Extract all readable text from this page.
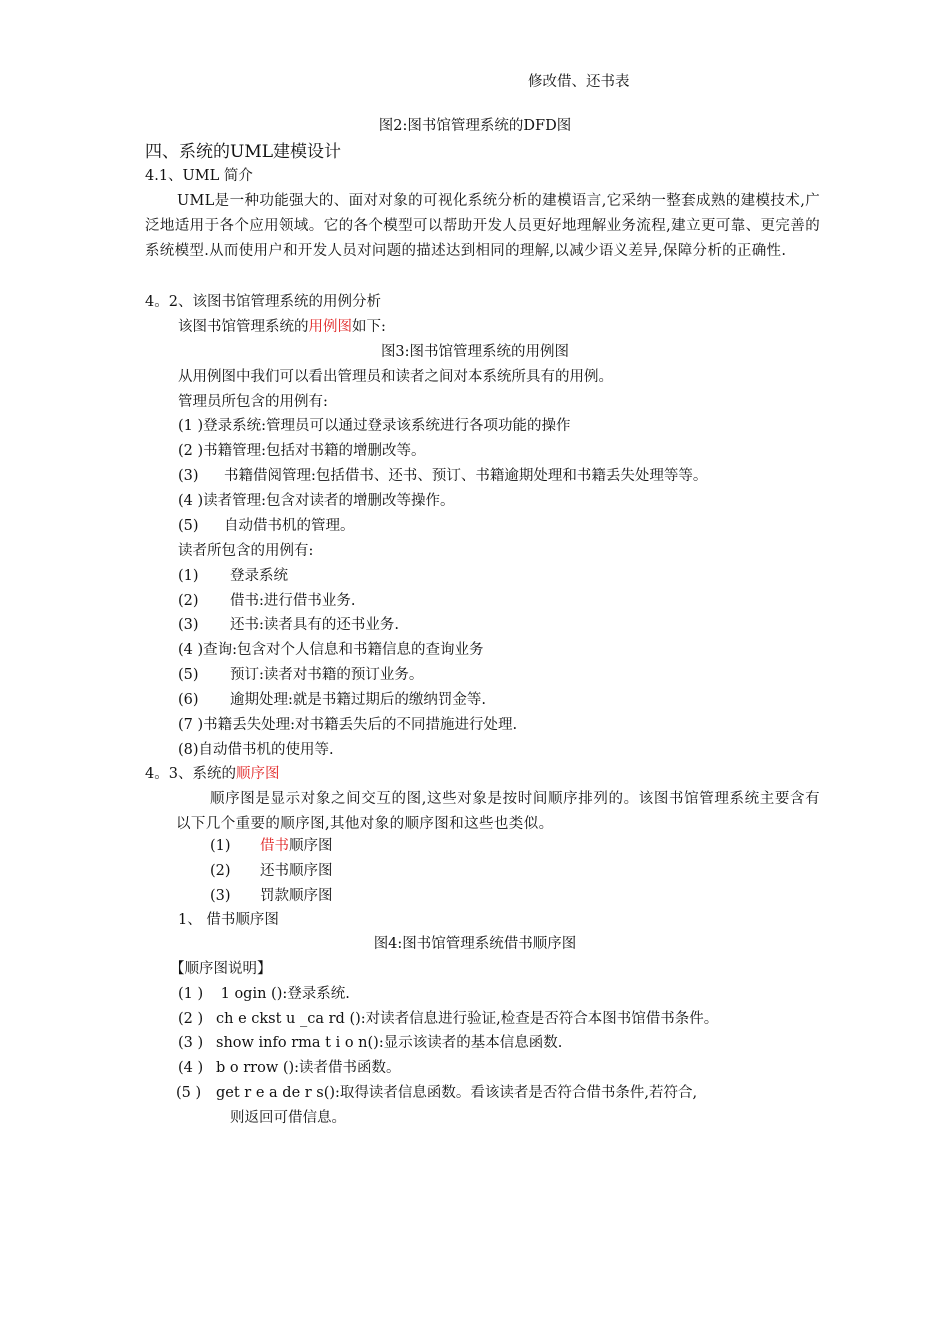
修改借、还书表
图2:图书馆管理系统的DFD图
四、系统的UML建模设计
4.1、UML 简介
UML是一种功能强大的、面对对象的可视化系统分析的建模语言,它采纳一整套成熟的建模技术,广泛地适用于各个应用领域。它的各个模型可以帮助开发人员更好地理解业务流程,建立更可靠、更完善的系统模型.从而使用户和开发人员对问题的描述达到相同的理解,以减少语义差异,保障分析的正确性.
4。2、该图书馆管理系统的用例分析
该图书馆管理系统的用例图如下:
图3:图书馆管理系统的用例图
从用例图中我们可以看出管理员和读者之间对本系统所具有的用例。
管理员所包含的用例有:
(1 )登录系统:管理员可以通过登录该系统进行各项功能的操作
(2 )书籍管理:包括对书籍的增删改等。
(3) 书籍借阅管理:包括借书、还书、预订、书籍逾期处理和书籍丢失处理等等。
(4 )读者管理:包含对读者的增删改等操作。
(5) 自动借书机的管理。
读者所包含的用例有:
(1) 登录系统
(2) 借书:进行借书业务.
(3) 还书:读者具有的还书业务.
(4 )查询:包含对个人信息和书籍信息的查询业务
(5) 预订:读者对书籍的预订业务。
(6) 逾期处理:就是书籍过期后的缴纳罚金等.
(7 )书籍丢失处理:对书籍丢失后的不同措施进行处理.
(8)自动借书机的使用等.
4。3、系统的顺序图
顺序图是显示对象之间交互的图,这些对象是按时间顺序排列的。该图书馆管理系统主要含有以下几个重要的顺序图,其他对象的顺序图和这些也类似。
(1) 借书顺序图
(2) 还书顺序图
(3) 罚款顺序图
1、 借书顺序图
图4:图书馆管理系统借书顺序图
【顺序图说明】
(1 ) 1 ogin ():登录系统.
(2 ) ch e ckst u _ca rd ():对读者信息进行验证,检查是否符合本图书馆借书条件。
(3 ) show info rma t i o n():显示该读者的基本信息函数.
(4 ) b o rrow ():读者借书函数。
(5 ) get r e a de r s():取得读者信息函数。看该读者是否符合借书条件,若符合,
则返回可借信息。
